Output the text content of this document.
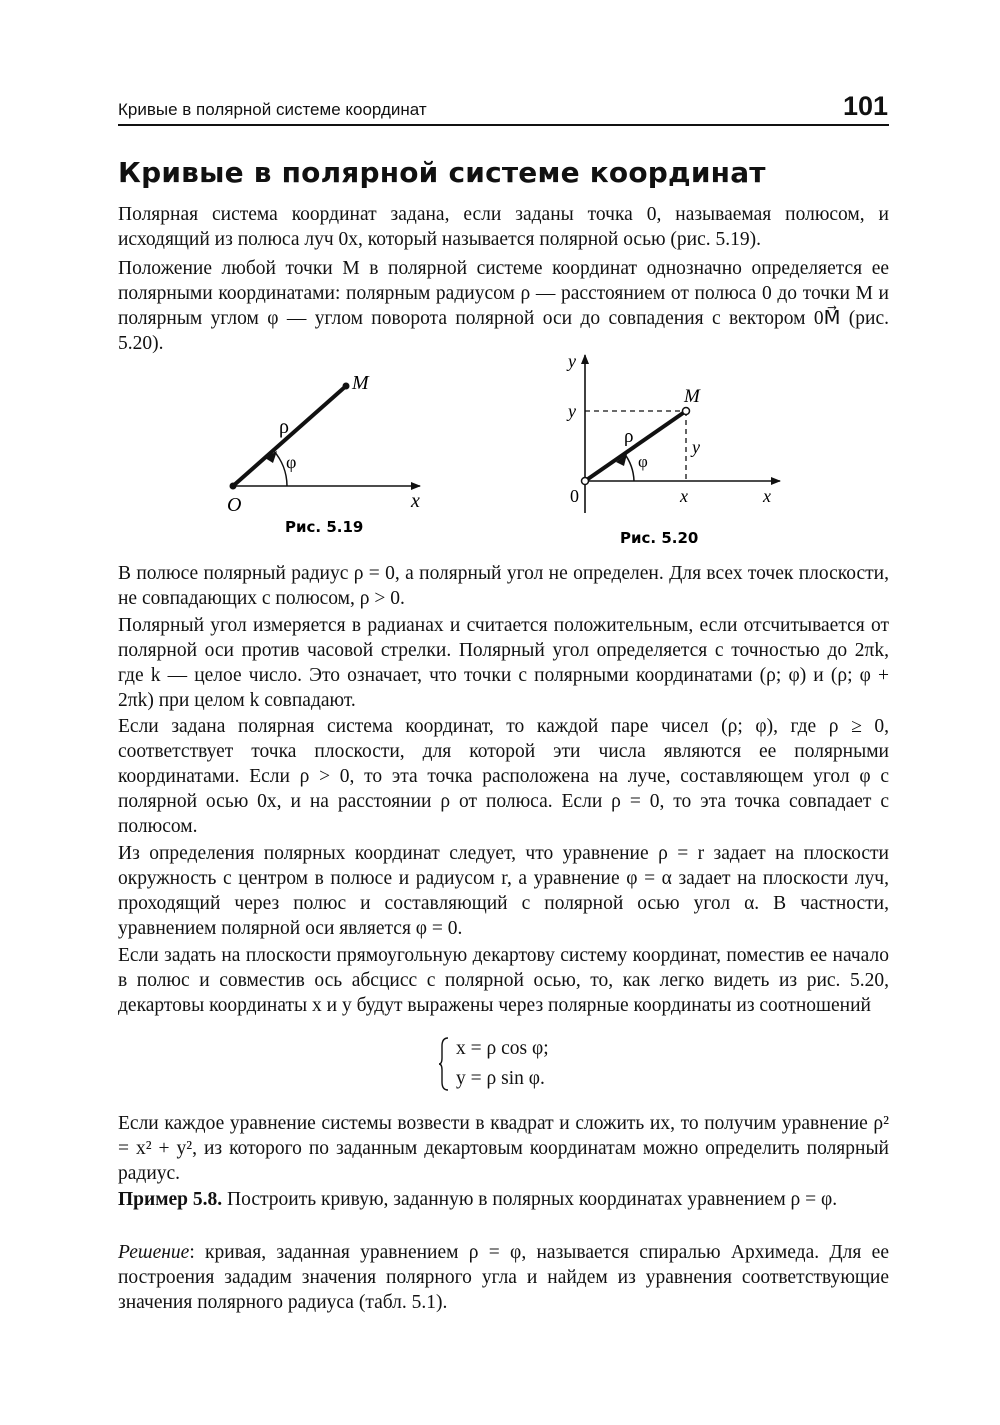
Кривые в полярной системе координат	101
Кривые в полярной системе координат

Полярная система координат задана, если заданы точка 0, называемая полюсом, и исходящий из полюса луч 0x, который называется полярной осью (рис. 5.19).

Положение любой точки M в полярной системе координат однозначно определяется ее полярными координатами: полярным радиусом ρ — расстоянием от полюса 0 до точки M и полярным углом φ — углом поворота полярной оси до совпадения с вектором 0M⃗ (рис. 5.20).

M
ρ
φ
O	x
Рис. 5.19
y
y
M
ρ
φ
y
0	x	x
Рис. 5.20

В полюсе полярный радиус ρ = 0, а полярный угол не определен. Для всех точек плоскости, не совпадающих с полюсом, ρ > 0.

Полярный угол измеряется в радианах и считается положительным, если отсчитывается от полярной оси против часовой стрелки. Полярный угол определяется с точностью до 2πk, где k — целое число. Это означает, что точки с полярными координатами (ρ; φ) и (ρ; φ + 2πk) при целом k совпадают.

Если задана полярная система координат, то каждой паре чисел (ρ; φ), где ρ ≥ 0, соответствует точка плоскости, для которой эти числа являются ее полярными координатами. Если ρ > 0, то эта точка расположена на луче, составляющем угол φ с полярной осью 0x, и на расстоянии ρ от полюса. Если ρ = 0, то эта точка совпадает с полюсом.

Из определения полярных координат следует, что уравнение ρ = r задает на плоскости окружность с центром в полюсе и радиусом r, а уравнение φ = α задает на плоскости луч, проходящий через полюс и составляющий с полярной осью угол α. В частности, уравнением полярной оси является φ = 0.

Если задать на плоскости прямоугольную декартову систему координат, поместив ее начало в полюс и совместив ось абсцисс с полярной осью, то, как легко видеть из рис. 5.20, декартовы координаты x и y будут выражены через полярные координаты из соотношений

x = ρ cos φ;
y = ρ sin φ.

Если каждое уравнение системы возвести в квадрат и сложить их, то получим уравнение ρ² = x² + y², из которого по заданным декартовым координатам можно определить полярный радиус.

Пример 5.8. Построить кривую, заданную в полярных координатах уравнением ρ = φ.

Решение: кривая, заданная уравнением ρ = φ, называется спиралью Архимеда. Для ее построения зададим значения полярного угла и найдем из уравнения соответствующие значения полярного радиуса (табл. 5.1).
